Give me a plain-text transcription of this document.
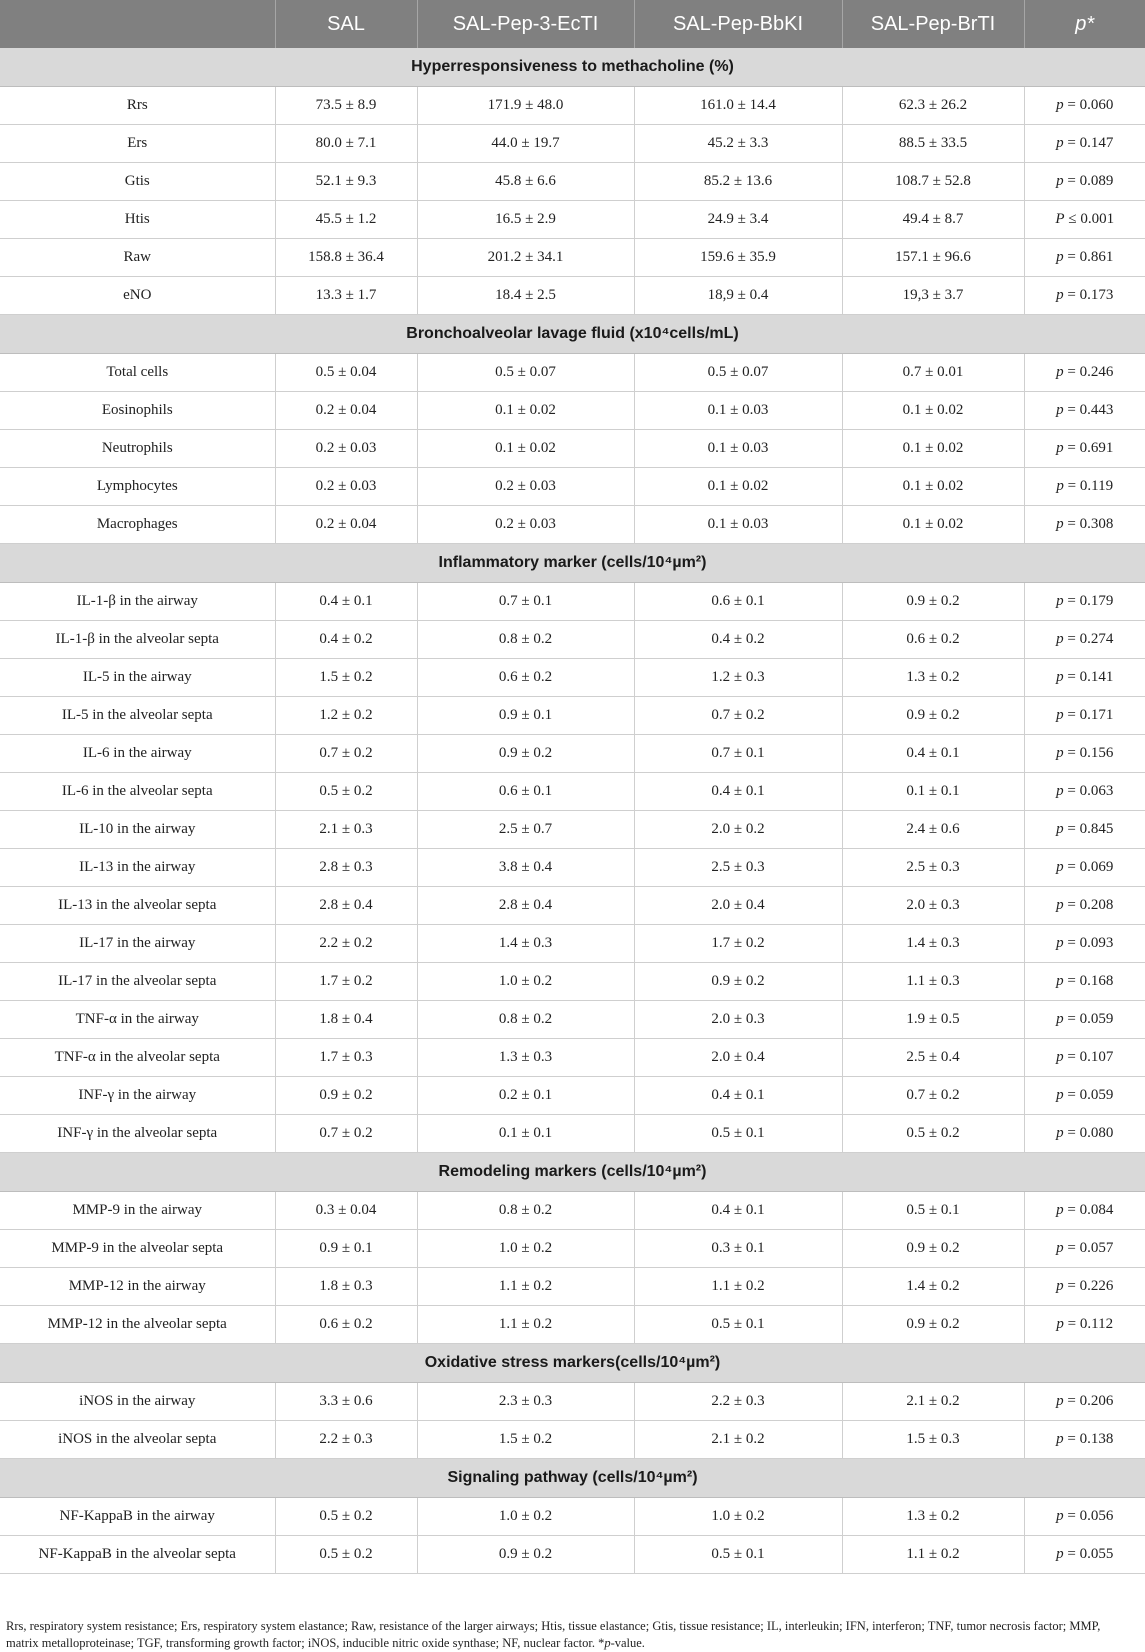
	SAL	SAL-Pep-3-EcTI	SAL-Pep-BbKI	SAL-Pep-BrTI	p*
Hyperresponsiveness to methacholine (%)					
Rrs	73.5 ± 8.9	171.9 ± 48.0	161.0 ± 14.4	62.3 ± 26.2	p = 0.060
Ers	80.0 ± 7.1	44.0 ± 19.7	45.2 ± 3.3	88.5 ± 33.5	p = 0.147
Gtis	52.1 ± 9.3	45.8 ± 6.6	85.2 ± 13.6	108.7 ± 52.8	p = 0.089
Htis	45.5 ± 1.2	16.5 ± 2.9	24.9 ± 3.4	49.4 ± 8.7	P ≤ 0.001
Raw	158.8 ± 36.4	201.2 ± 34.1	159.6 ± 35.9	157.1 ± 96.6	p = 0.861
eNO	13.3 ± 1.7	18.4 ± 2.5	18,9 ± 0.4	19,3 ± 3.7	p = 0.173
Bronchoalveolar lavage fluid (x10⁴cells/mL)					
Total cells	0.5 ± 0.04	0.5 ± 0.07	0.5 ± 0.07	0.7 ± 0.01	p = 0.246
Eosinophils	0.2 ± 0.04	0.1 ± 0.02	0.1 ± 0.03	0.1 ± 0.02	p = 0.443
Neutrophils	0.2 ± 0.03	0.1 ± 0.02	0.1 ± 0.03	0.1 ± 0.02	p = 0.691
Lymphocytes	0.2 ± 0.03	0.2 ± 0.03	0.1 ± 0.02	0.1 ± 0.02	p = 0.119
Macrophages	0.2 ± 0.04	0.2 ± 0.03	0.1 ± 0.03	0.1 ± 0.02	p = 0.308
Inflammatory marker (cells/10⁴µm²)					
IL-1-β in the airway	0.4 ± 0.1	0.7 ± 0.1	0.6 ± 0.1	0.9 ± 0.2	p = 0.179
IL-1-β in the alveolar septa	0.4 ± 0.2	0.8 ± 0.2	0.4 ± 0.2	0.6 ± 0.2	p = 0.274
IL-5 in the airway	1.5 ± 0.2	0.6 ± 0.2	1.2 ± 0.3	1.3 ± 0.2	p = 0.141
IL-5 in the alveolar septa	1.2 ± 0.2	0.9 ± 0.1	0.7 ± 0.2	0.9 ± 0.2	p = 0.171
IL-6 in the airway	0.7 ± 0.2	0.9 ± 0.2	0.7 ± 0.1	0.4 ± 0.1	p = 0.156
IL-6 in the alveolar septa	0.5 ± 0.2	0.6 ± 0.1	0.4 ± 0.1	0.1 ± 0.1	p = 0.063
IL-10 in the airway	2.1 ± 0.3	2.5 ± 0.7	2.0 ± 0.2	2.4 ± 0.6	p = 0.845
IL-13 in the airway	2.8 ± 0.3	3.8 ± 0.4	2.5 ± 0.3	2.5 ± 0.3	p = 0.069
IL-13 in the alveolar septa	2.8 ± 0.4	2.8 ± 0.4	2.0 ± 0.4	2.0 ± 0.3	p = 0.208
IL-17 in the airway	2.2 ± 0.2	1.4 ± 0.3	1.7 ± 0.2	1.4 ± 0.3	p = 0.093
IL-17 in the alveolar septa	1.7 ± 0.2	1.0 ± 0.2	0.9 ± 0.2	1.1 ± 0.3	p = 0.168
TNF-α in the airway	1.8 ± 0.4	0.8 ± 0.2	2.0 ± 0.3	1.9 ± 0.5	p = 0.059
TNF-α in the alveolar septa	1.7 ± 0.3	1.3 ± 0.3	2.0 ± 0.4	2.5 ± 0.4	p = 0.107
INF-γ in the airway	0.9 ± 0.2	0.2 ± 0.1	0.4 ± 0.1	0.7 ± 0.2	p = 0.059
INF-γ in the alveolar septa	0.7 ± 0.2	0.1 ± 0.1	0.5 ± 0.1	0.5 ± 0.2	p = 0.080
Remodeling markers (cells/10⁴µm²)					
MMP-9 in the airway	0.3 ± 0.04	0.8 ± 0.2	0.4 ± 0.1	0.5 ± 0.1	p = 0.084
MMP-9 in the alveolar septa	0.9 ± 0.1	1.0 ± 0.2	0.3 ± 0.1	0.9 ± 0.2	p = 0.057
MMP-12 in the airway	1.8 ± 0.3	1.1 ± 0.2	1.1 ± 0.2	1.4 ± 0.2	p = 0.226
MMP-12 in the alveolar septa	0.6 ± 0.2	1.1 ± 0.2	0.5 ± 0.1	0.9 ± 0.2	p = 0.112
Oxidative stress markers(cells/10⁴µm²)					
iNOS in the airway	3.3 ± 0.6	2.3 ± 0.3	2.2 ± 0.3	2.1 ± 0.2	p = 0.206
iNOS in the alveolar septa	2.2 ± 0.3	1.5 ± 0.2	2.1 ± 0.2	1.5 ± 0.3	p = 0.138
Signaling pathway (cells/10⁴µm²)					
NF-KappaB in the airway	0.5 ± 0.2	1.0 ± 0.2	1.0 ± 0.2	1.3 ± 0.2	p = 0.056
NF-KappaB in the alveolar septa	0.5 ± 0.2	0.9 ± 0.2	0.5 ± 0.1	1.1 ± 0.2	p = 0.055
Rrs, respiratory system resistance; Ers, respiratory system elastance; Raw, resistance of the larger airways; Htis, tissue elastance; Gtis, tissue resistance; IL, interleukin; IFN, interferon; TNF, tumor necrosis factor; MMP, matrix metalloproteinase; TGF, transforming growth factor; iNOS, inducible nitric oxide synthase; NF, nuclear factor. *p-value.
